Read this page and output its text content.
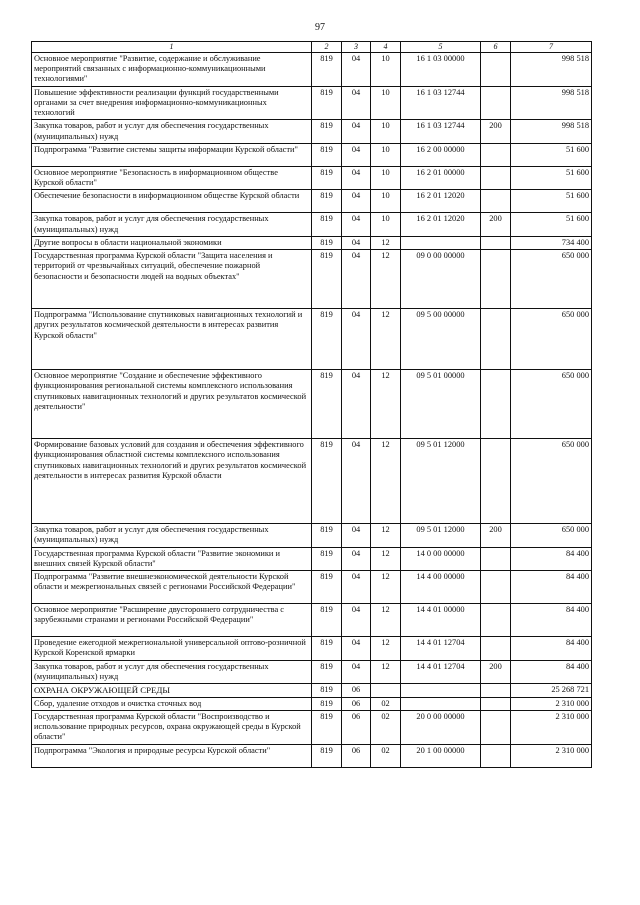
97
1	2	3	4	5	6	7
Основное мероприятие "Развитие, содержание и обслуживание мероприятий связанных с информационно-коммуникационными технологиями"	819	04	10	16 1 03 00000		998 518
Повышение эффективности реализации функций государственными органами за счет внедрения информационно-коммуникационных технологий	819	04	10	16 1 03 12744		998 518
Закупка товаров, работ и услуг для обеспечения государственных (муниципальных) нужд	819	04	10	16 1 03 12744	200	998 518
Подпрограмма "Развитие системы защиты информации Курской области"	819	04	10	16 2 00 00000		51 600
Основное мероприятие "Безопасность в информационном обществе Курской области"	819	04	10	16 2 01 00000		51 600
Обеспечение безопасности в информационном обществе Курской области	819	04	10	16 2 01 12020		51 600
Закупка товаров, работ и услуг для обеспечения государственных (муниципальных) нужд	819	04	10	16 2 01 12020	200	51 600
Другие вопросы в области национальной экономики	819	04	12			734 400
Государственная программа Курской области "Защита населения и территорий от чрезвычайных ситуаций, обеспечение пожарной безопасности и безопасности людей на водных объектах"	819	04	12	09 0 00 00000		650 000
Подпрограмма "Использование спутниковых навигационных технологий и других результатов космической деятельности в интересах развития Курской области"	819	04	12	09 5 00 00000		650 000
Основное мероприятие "Создание и обеспечение эффективного функционирования региональной системы комплексного использования спутниковых навигационных технологий и других результатов космической деятельности"	819	04	12	09 5 01 00000		650 000
Формирование базовых условий для создания и обеспечения эффективного функционирования областной системы комплексного использования спутниковых навигационных технологий и других результатов космической деятельности в интересах развития Курской области	819	04	12	09 5 01 12000		650 000
Закупка товаров, работ и услуг для обеспечения государственных (муниципальных) нужд	819	04	12	09 5 01 12000	200	650 000
Государственная программа Курской области "Развитие экономики и внешних связей Курской области"	819	04	12	14 0 00 00000		84 400
Подпрограмма "Развитие внешнеэкономической деятельности Курской области и межрегиональных связей с регионами Российской Федерации"	819	04	12	14 4 00 00000		84 400
Основное мероприятие "Расширение двустороннего сотрудничества с зарубежными странами и регионами Российской Федерации"	819	04	12	14 4 01 00000		84 400
Проведение ежегодной межрегиональной универсальной оптово-розничной Курской Коренской ярмарки	819	04	12	14 4 01 12704		84 400
Закупка товаров, работ и услуг для обеспечения государственных (муниципальных) нужд	819	04	12	14 4 01 12704	200	84 400
ОХРАНА ОКРУЖАЮЩЕЙ СРЕДЫ	819	06				25 268 721
Сбор, удаление отходов и очистка сточных вод	819	06	02			2 310 000
Государственная программа Курской области "Воспроизводство и использование природных ресурсов, охрана окружающей среды в Курской области"	819	06	02	20 0 00 00000		2 310 000
Подпрограмма "Экология и природные ресурсы Курской области"	819	06	02	20 1 00 00000		2 310 000
